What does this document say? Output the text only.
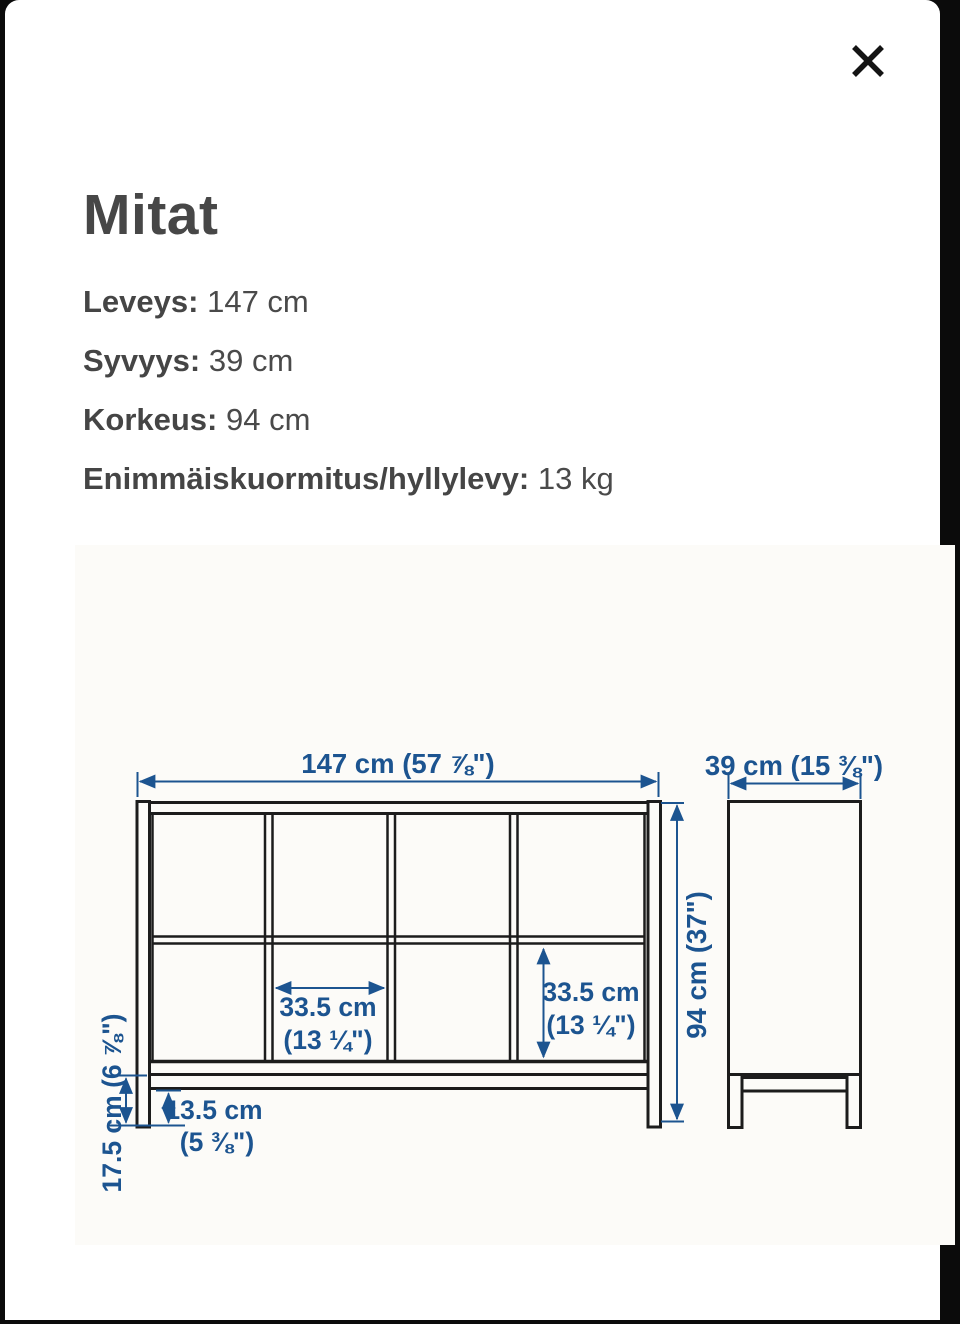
Mitat
Leveys: 147 cm
Syvyys: 39 cm
Korkeus: 94 cm
Enimmäiskuormitus/hyllylevy: 13 kg
147 cm (57 ⅞")	39 cm (15 ⅜")
94 cm (37")
33.5 cm
(13 ¼")
33.5 cm
(13 ¼")
13.5 cm
(5 ⅜")
17.5 cm (6 ⅞")
